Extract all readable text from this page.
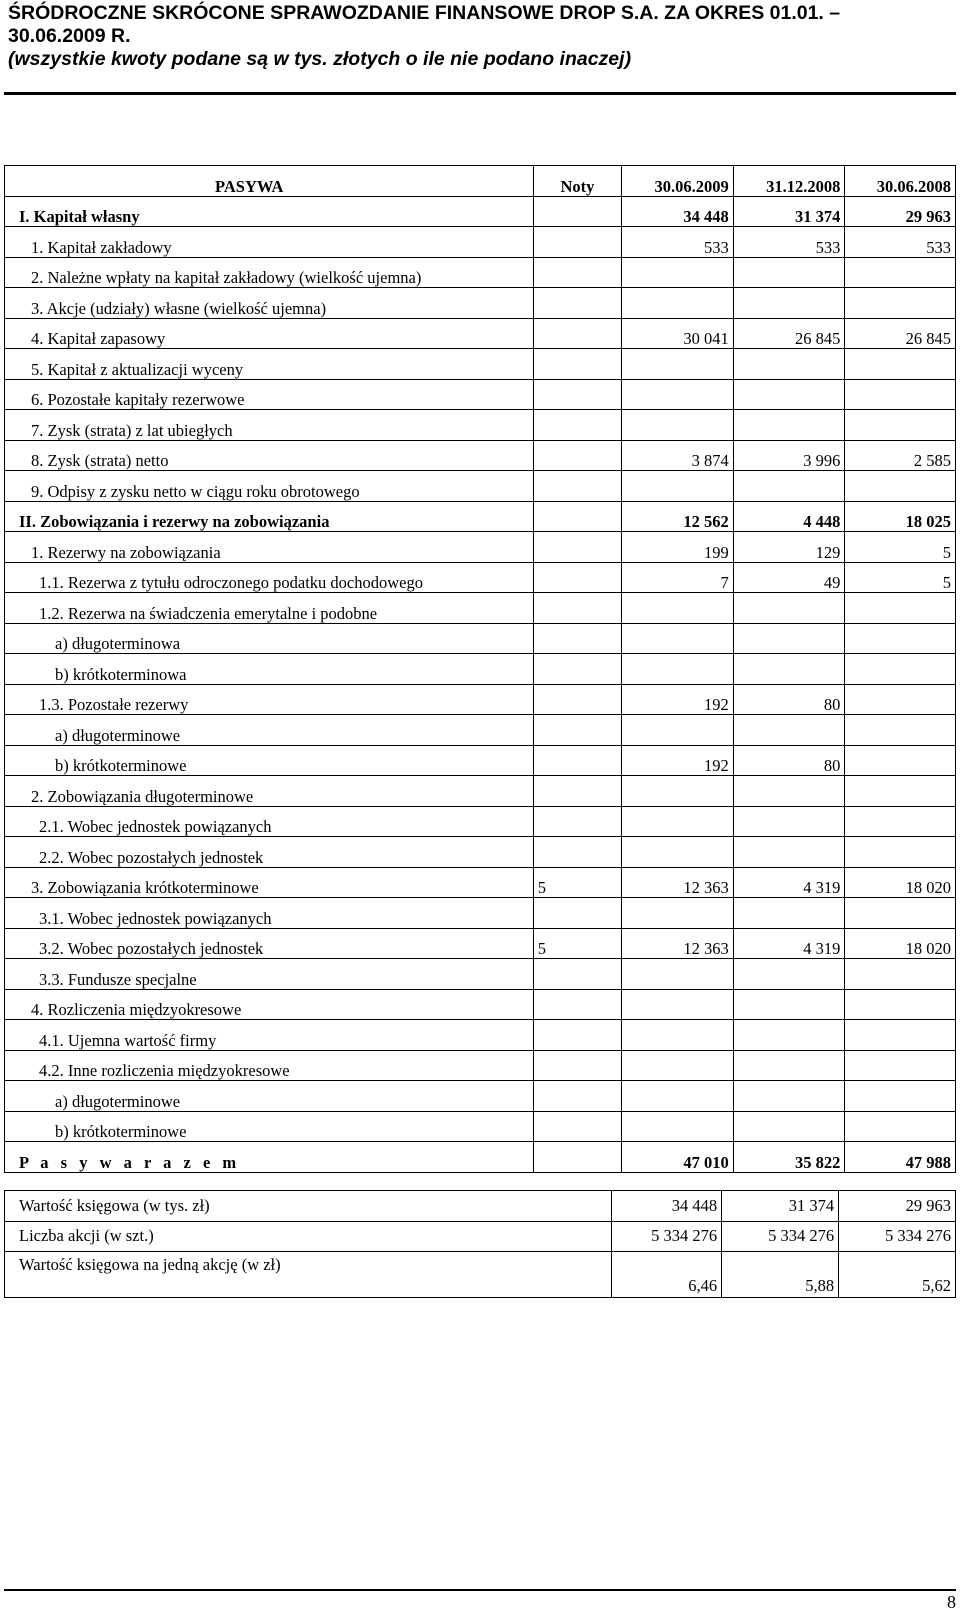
ŚRÓDROCZNE SKRÓCONE SPRAWOZDANIE FINANSOWE DROP S.A. ZA OKRES 01.01. –
30.06.2009 R.
(wszystkie kwoty podane są w tys. złotych o ile nie podano inaczej)
PASYWA	Noty	30.06.2009	31.12.2008	30.06.2008
I. Kapitał własny		34 448	31 374	29 963
1. Kapitał zakładowy		533	533	533
2. Należne wpłaty na kapitał zakładowy (wielkość ujemna)				
3. Akcje (udziały) własne (wielkość ujemna)				
4. Kapitał zapasowy		30 041	26 845	26 845
5. Kapitał z aktualizacji wyceny				
6. Pozostałe kapitały rezerwowe				
7. Zysk (strata) z lat ubiegłych				
8. Zysk (strata) netto		3 874	3 996	2 585
9. Odpisy z zysku netto w ciągu roku obrotowego				
II. Zobowiązania i rezerwy na zobowiązania		12 562	4 448	18 025
1. Rezerwy na zobowiązania		199	129	5
1.1. Rezerwa z tytułu odroczonego podatku dochodowego		7	49	5
1.2. Rezerwa na świadczenia emerytalne i podobne				
a) długoterminowa				
b) krótkoterminowa				
1.3. Pozostałe rezerwy		192	80	
a) długoterminowe				
b) krótkoterminowe		192	80	
2. Zobowiązania długoterminowe				
2.1. Wobec jednostek powiązanych				
2.2. Wobec pozostałych jednostek				
3. Zobowiązania krótkoterminowe	5	12 363	4 319	18 020
3.1. Wobec jednostek powiązanych				
3.2. Wobec pozostałych jednostek	5	12 363	4 319	18 020
3.3. Fundusze specjalne				
4. Rozliczenia międzyokresowe				
4.1. Ujemna wartość firmy				
4.2. Inne rozliczenia międzyokresowe				
a) długoterminowe				
b) krótkoterminowe				
P a s y w a r a z e m		47 010	35 822	47 988
Wartość księgowa (w tys. zł)	34 448	31 374	29 963
Liczba akcji (w szt.)	5 334 276	5 334 276	5 334 276
Wartość księgowa na jedną akcję (w zł)	6,46	5,88	5,62
8
